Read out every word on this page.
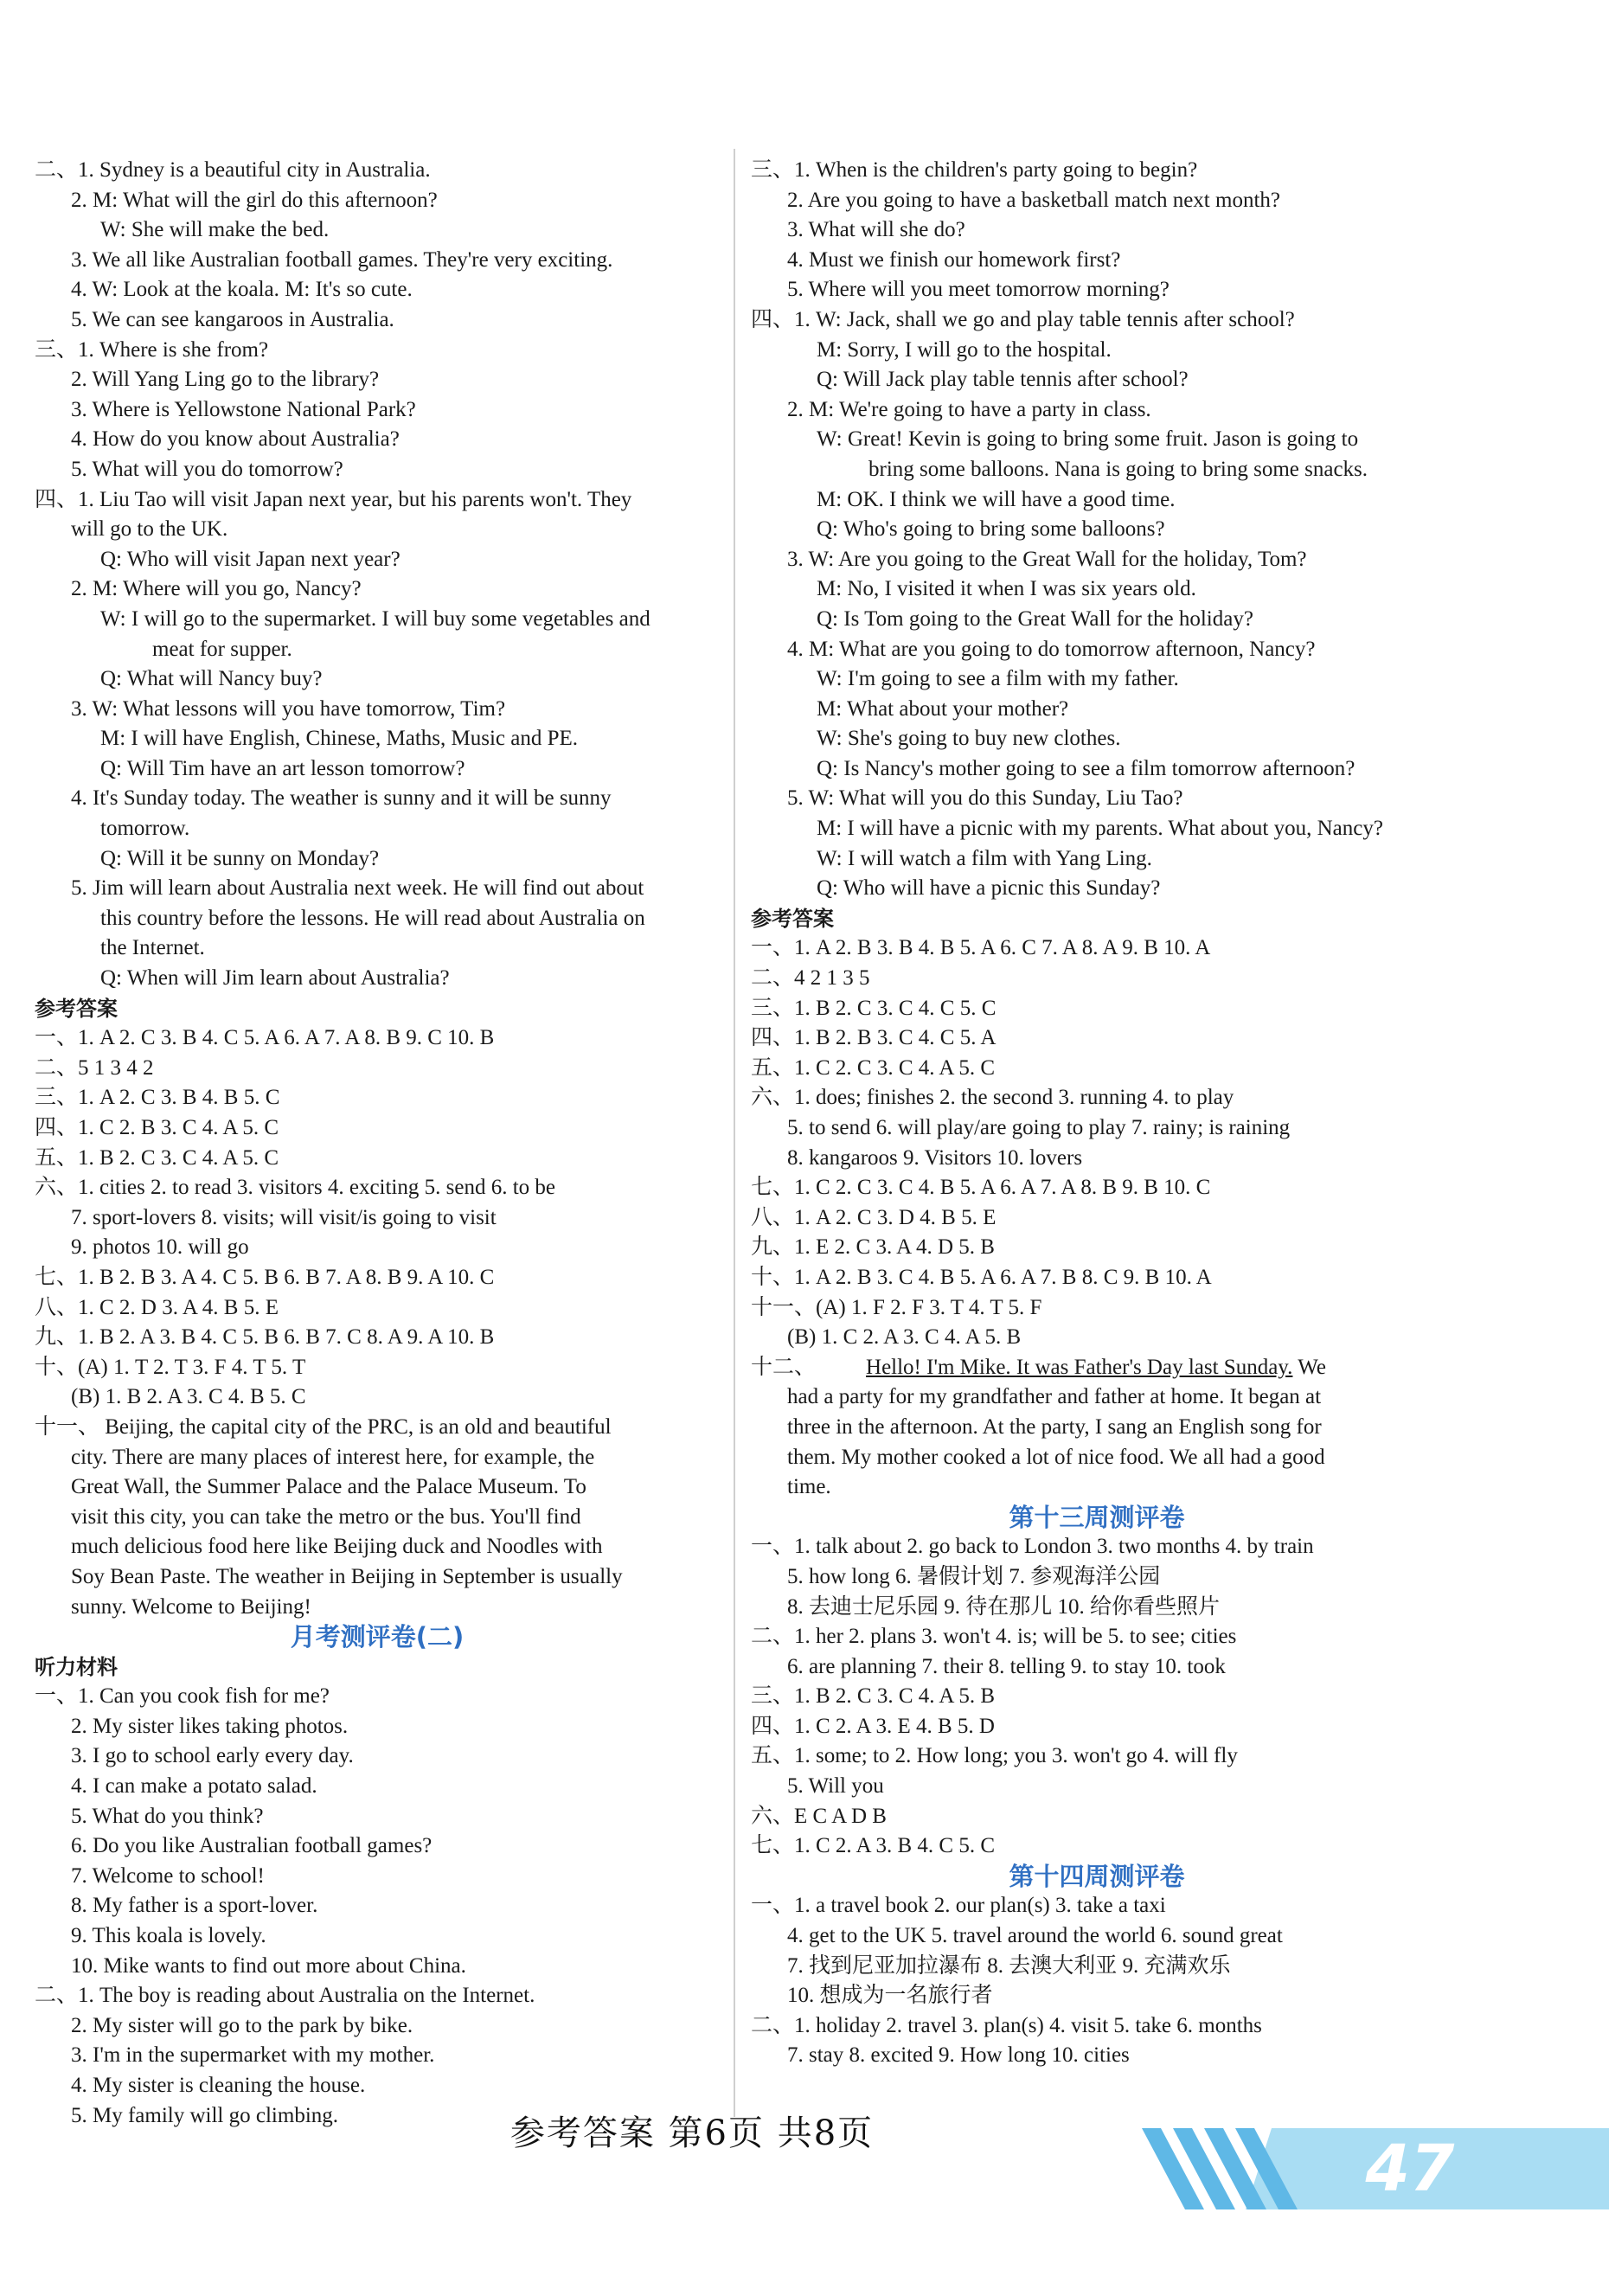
二、1. Sydney is a beautiful city in Australia.
2. M: What will the girl do this afternoon?
W: She will make the bed.
3. We all like Australian football games. They're very exciting.
4. W: Look at the koala. M: It's so cute.
5. We can see kangaroos in Australia.
三、1. Where is she from?
2. Will Yang Ling go to the library?
3. Where is Yellowstone National Park?
4. How do you know about Australia?
5. What will you do tomorrow?
四、1. Liu Tao will visit Japan next year, but his parents won't. They
will go to the UK.
Q: Who will visit Japan next year?
2. M: Where will you go, Nancy?
W: I will go to the supermarket. I will buy some vegetables and
meat for supper.
Q: What will Nancy buy?
3. W: What lessons will you have tomorrow, Tim?
M: I will have English, Chinese, Maths, Music and PE.
Q: Will Tim have an art lesson tomorrow?
4. It's Sunday today. The weather is sunny and it will be sunny
tomorrow.
Q: Will it be sunny on Monday?
5. Jim will learn about Australia next week. He will find out about
this country before the lessons. He will read about Australia on
the Internet.
Q: When will Jim learn about Australia?
参考答案
一、1. A 2. C 3. B 4. C 5. A 6. A 7. A 8. B 9. C 10. B
二、5 1 3 4 2
三、1. A 2. C 3. B 4. B 5. C
四、1. C 2. B 3. C 4. A 5. C
五、1. B 2. C 3. C 4. A 5. C
六、1. cities 2. to read 3. visitors 4. exciting 5. send 6. to be
7. sport-lovers 8. visits; will visit/is going to visit
9. photos 10. will go
七、1. B 2. B 3. A 4. C 5. B 6. B 7. A 8. B 9. A 10. C
八、1. C 2. D 3. A 4. B 5. E
九、1. B 2. A 3. B 4. C 5. B 6. B 7. C 8. A 9. A 10. B
十、(A) 1. T 2. T 3. F 4. T 5. T
(B) 1. B 2. A 3. C 4. B 5. C
十一、 Beijing, the capital city of the PRC, is an old and beautiful
city. There are many places of interest here, for example, the
Great Wall, the Summer Palace and the Palace Museum. To
visit this city, you can take the metro or the bus. You'll find
much delicious food here like Beijing duck and Noodles with
Soy Bean Paste. The weather in Beijing in September is usually
sunny. Welcome to Beijing!
月考测评卷(二)
听力材料
一、1. Can you cook fish for me?
2. My sister likes taking photos.
3. I go to school early every day.
4. I can make a potato salad.
5. What do you think?
6. Do you like Australian football games?
7. Welcome to school!
8. My father is a sport-lover.
9. This koala is lovely.
10. Mike wants to find out more about China.
二、1. The boy is reading about Australia on the Internet.
2. My sister will go to the park by bike.
3. I'm in the supermarket with my mother.
4. My sister is cleaning the house.
5. My family will go climbing.
三、1. When is the children's party going to begin?
2. Are you going to have a basketball match next month?
3. What will she do?
4. Must we finish our homework first?
5. Where will you meet tomorrow morning?
四、1. W: Jack, shall we go and play table tennis after school?
M: Sorry, I will go to the hospital.
Q: Will Jack play table tennis after school?
2. M: We're going to have a party in class.
W: Great! Kevin is going to bring some fruit. Jason is going to
bring some balloons. Nana is going to bring some snacks.
M: OK. I think we will have a good time.
Q: Who's going to bring some balloons?
3. W: Are you going to the Great Wall for the holiday, Tom?
M: No, I visited it when I was six years old.
Q: Is Tom going to the Great Wall for the holiday?
4. M: What are you going to do tomorrow afternoon, Nancy?
W: I'm going to see a film with my father.
M: What about your mother?
W: She's going to buy new clothes.
Q: Is Nancy's mother going to see a film tomorrow afternoon?
5. W: What will you do this Sunday, Liu Tao?
M: I will have a picnic with my parents. What about you, Nancy?
W: I will watch a film with Yang Ling.
Q: Who will have a picnic this Sunday?
参考答案
一、1. A 2. B 3. B 4. B 5. A 6. C 7. A 8. A 9. B 10. A
二、4 2 1 3 5
三、1. B 2. C 3. C 4. C 5. C
四、1. B 2. B 3. C 4. C 5. A
五、1. C 2. C 3. C 4. A 5. C
六、1. does; finishes 2. the second 3. running 4. to play
5. to send 6. will play/are going to play 7. rainy; is raining
8. kangaroos 9. Visitors 10. lovers
七、1. C 2. C 3. C 4. B 5. A 6. A 7. A 8. B 9. B 10. C
八、1. A 2. C 3. D 4. B 5. E
九、1. E 2. C 3. A 4. D 5. B
十、1. A 2. B 3. C 4. B 5. A 6. A 7. B 8. C 9. B 10. A
十一、(A) 1. F 2. F 3. T 4. T 5. F
(B) 1. C 2. A 3. C 4. A 5. B
十二、 Hello! I'm Mike. It was Father's Day last Sunday. We
had a party for my grandfather and father at home. It began at
three in the afternoon. At the party, I sang an English song for
them. My mother cooked a lot of nice food. We all had a good
time.
第十三周测评卷
一、1. talk about 2. go back to London 3. two months 4. by train
5. how long 6. 暑假计划 7. 参观海洋公园
8. 去迪士尼乐园 9. 待在那儿 10. 给你看些照片
二、1. her 2. plans 3. won't 4. is; will be 5. to see; cities
6. are planning 7. their 8. telling 9. to stay 10. took
三、1. B 2. C 3. C 4. A 5. B
四、1. C 2. A 3. E 4. B 5. D
五、1. some; to 2. How long; you 3. won't go 4. will fly
5. Will you
六、E C A D B
七、1. C 2. A 3. B 4. C 5. C
第十四周测评卷
一、1. a travel book 2. our plan(s) 3. take a taxi
4. get to the UK 5. travel around the world 6. sound great
7. 找到尼亚加拉瀑布 8. 去澳大利亚 9. 充满欢乐
10. 想成为一名旅行者
二、1. holiday 2. travel 3. plan(s) 4. visit 5. take 6. months
7. stay 8. excited 9. How long 10. cities
参考答案 第6页 共8页	47
